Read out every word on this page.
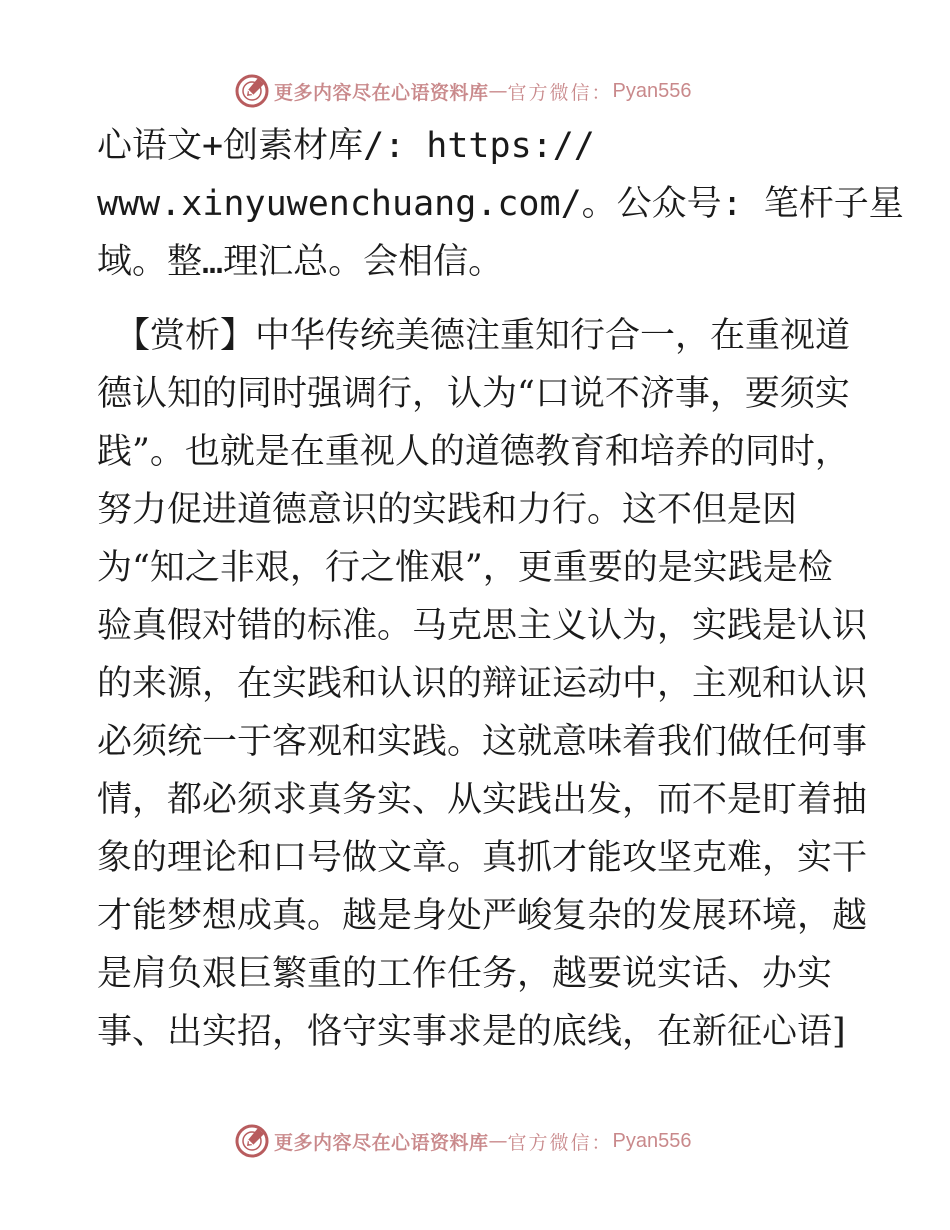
更多内容尽在心语资料库 — 官方微信： Pyan556
心语文+创素材库/: https://
www.xinyuwenchuang.com/。公众号: 笔杆子星
域。整…理汇总。会相信。
【赏析】中华传统美德注重知行合一，在重视道
德认知的同时强调行，认为“口说不济事，要须实
践”。也就是在重视人的道德教育和培养的同时，
努力促进道德意识的实践和力行。这不但是因
为“知之非艰，行之惟艰”，更重要的是实践是检
验真假对错的标准。马克思主义认为，实践是认识
的来源，在实践和认识的辩证运动中，主观和认识
必须统一于客观和实践。这就意味着我们做任何事
情，都必须求真务实、从实践出发，而不是盯着抽
象的理论和口号做文章。真抓才能攻坚克难，实干
才能梦想成真。越是身处严峻复杂的发展环境，越
是肩负艰巨繁重的工作任务，越要说实话、办实
事、出实招，恪守实事求是的底线，在新征心语]
更多内容尽在心语资料库 — 官方微信： Pyan556
